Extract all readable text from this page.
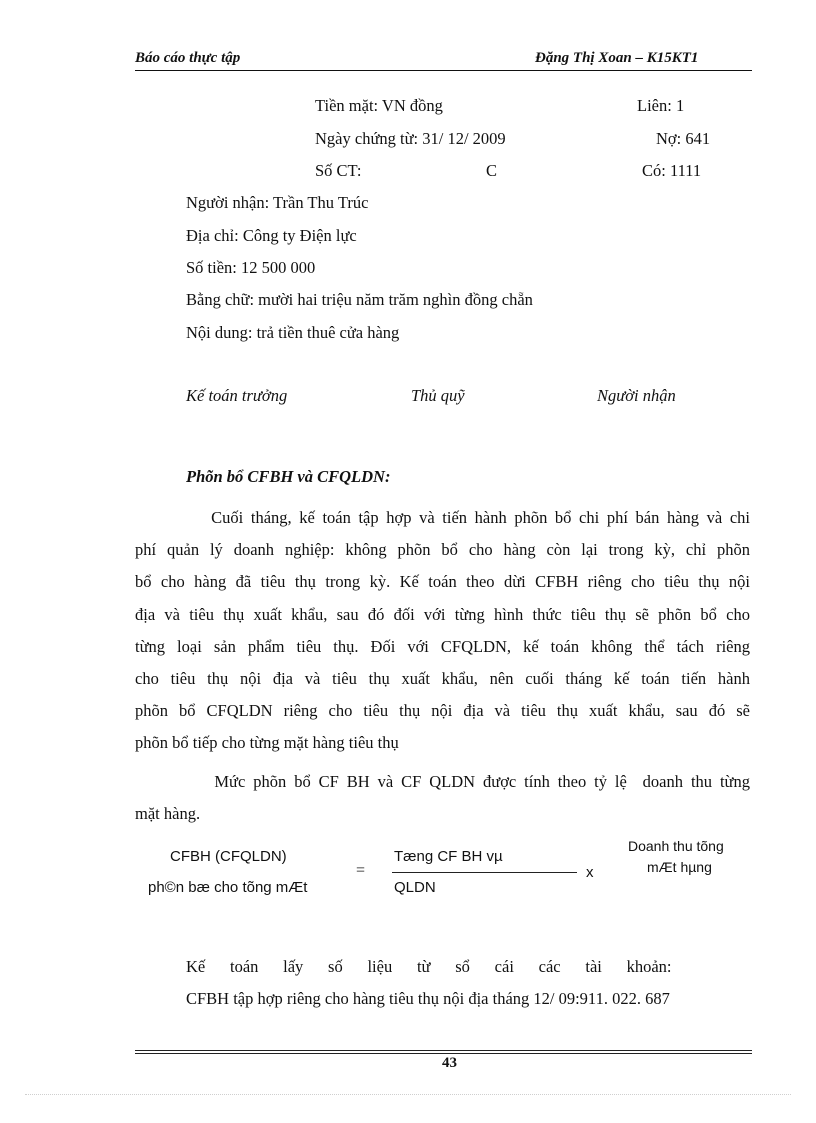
Báo cáo thực tập	Đặng Thị Xoan – K15KT1
Tiền mặt: VN đồng	Liên: 1
Ngày chứng từ: 31/ 12/ 2009	Nợ: 641
Số CT:	C	Có: 1111
Người nhận: Trần Thu Trúc
Địa chỉ: Công ty Điện lực
Số tiền: 12 500 000
Bằng chữ: mười hai triệu năm trăm nghìn đồng chẵn
Nội dung: trả tiền thuê cửa hàng
Kế toán trưởng	Thủ quỹ	Người nhận
Phõn bổ CFBH và CFQLDN:
Cuối tháng, kế toán tập hợp và tiến hành phõn bổ chi phí bán hàng và chi
phí quản lý doanh nghiệp: không phõn bổ cho hàng còn lại trong kỳ, chỉ phõn
bổ cho hàng đã tiêu thụ trong kỳ. Kế toán theo dừi CFBH riêng cho tiêu thụ nội
địa và tiêu thụ xuất khẩu, sau đó đối với từng hình thức tiêu thụ sẽ phõn bổ cho
từng loại sản phẩm tiêu thụ. Đối với CFQLDN, kế toán không thể tách riêng
cho tiêu thụ nội địa và tiêu thụ xuất khẩu, nên cuối tháng kế toán tiến hành
phõn bổ CFQLDN riêng cho tiêu thụ nội địa và tiêu thụ xuất khẩu, sau đó sẽ
phõn bổ tiếp cho từng mặt hàng tiêu thụ
Mức phõn bổ CF BH và CF QLDN được tính theo tỷ lệ  doanh thu từng
mặt hàng.
CFBH (CFQLDN)
ph©n bæ cho tõng mÆt
=
Tæng CF BH vµ
QLDN
x
Doanh thu tõng
mÆt hµng
Kế      toán      lấy      số      liệu      từ      sổ      cái      các      tài      khoản:
CFBH tập hợp riêng cho hàng tiêu thụ nội địa tháng 12/ 09:911. 022. 687
43
